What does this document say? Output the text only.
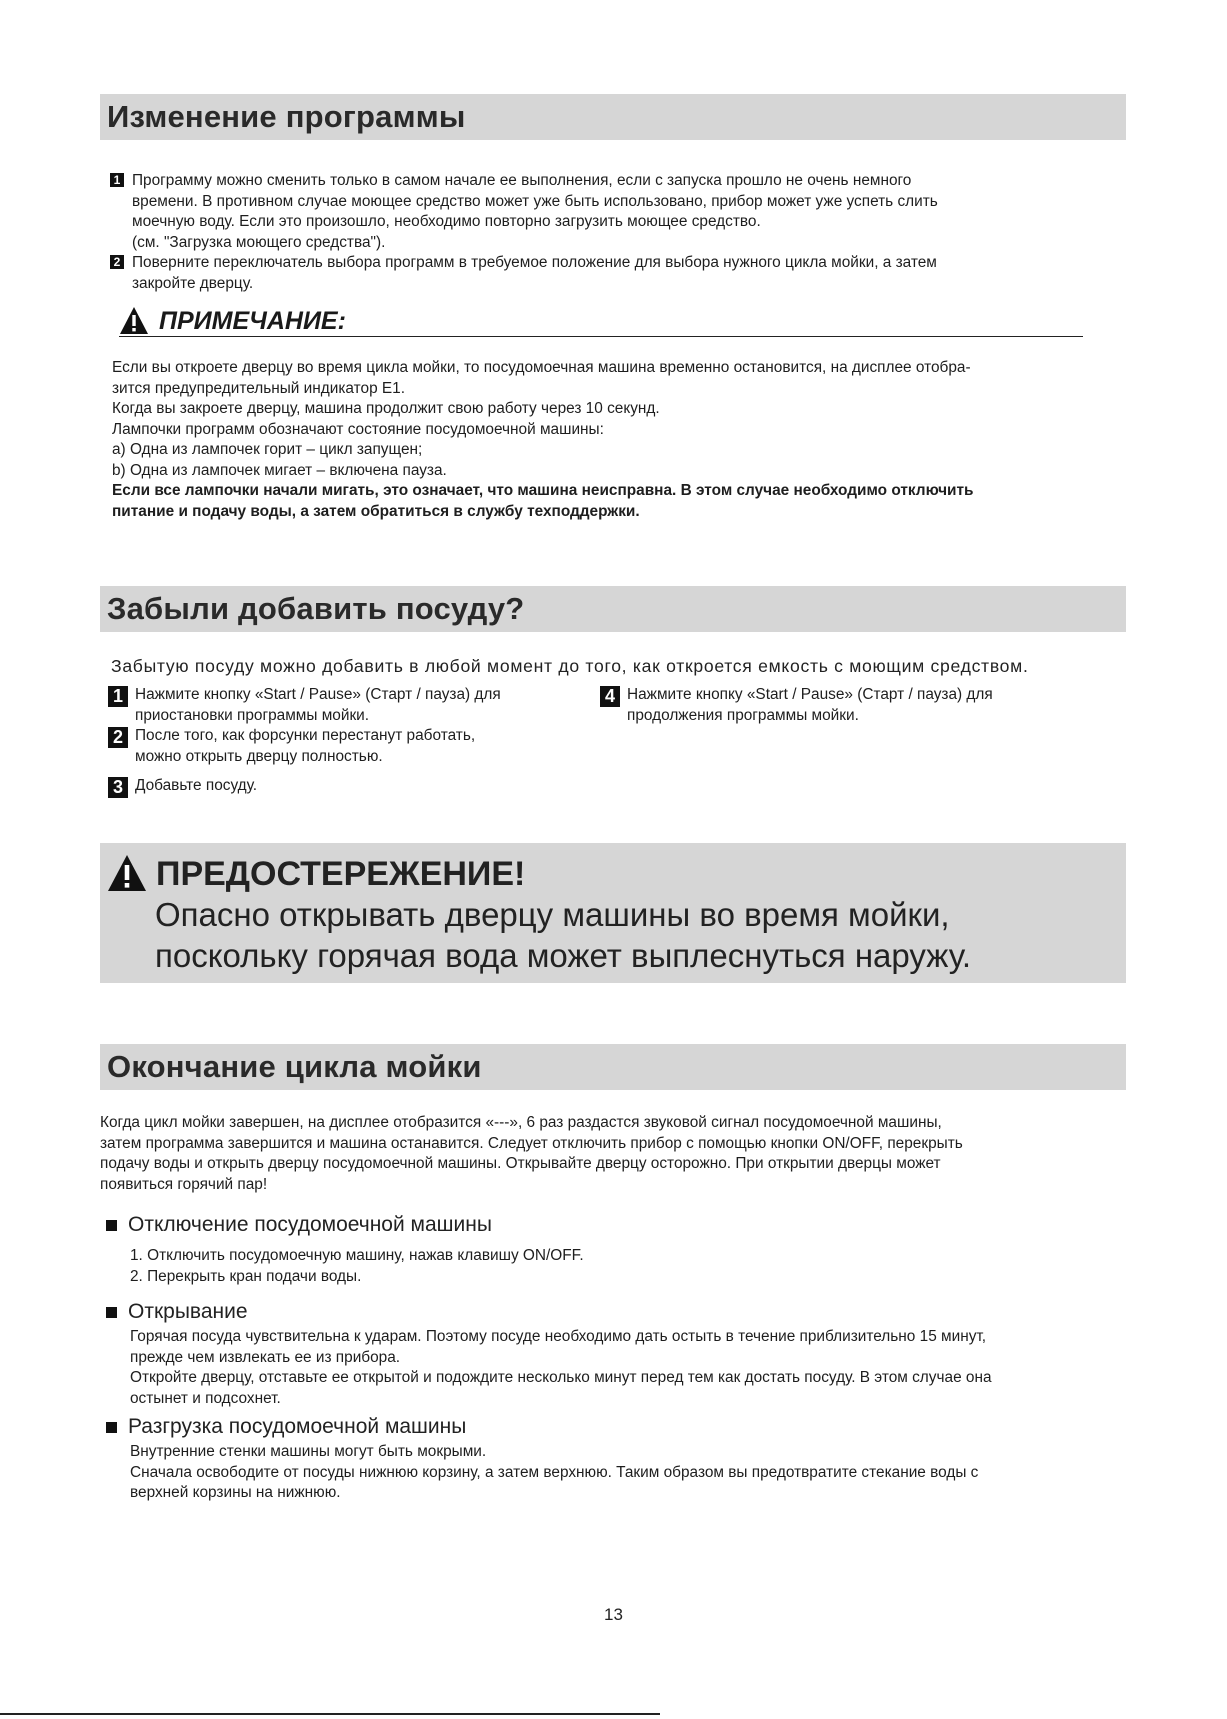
Изменение программы
1 Программу можно сменить только в самом начале ее выполнения, если с запуска прошло не очень немного
времени. В противном случае моющее средство может уже быть использовано, прибор может уже успеть слить
моечную воду. Если это произошло, необходимо повторно загрузить моющее средство.
(см. "Загрузка моющего средства").
2 Поверните переключатель выбора программ в требуемое положение для выбора нужного цикла мойки, а затем
закройте дверцу.
ПРИМЕЧАНИЕ:
Если вы откроете дверцу во время цикла мойки, то посудомоечная машина временно остановится, на дисплее отобра-
зится предупредительный индикатор Е1.
Когда вы закроете дверцу, машина продолжит свою работу через 10 секунд.
Лампочки программ обозначают состояние посудомоечной машины:
а) Одна из лампочек горит – цикл запущен;
b) Одна из лампочек мигает – включена пауза.
Если все лампочки начали мигать, это означает, что машина неисправна. В этом случае необходимо отключить
питание и подачу воды, а затем обратиться в службу техподдержки.
Забыли добавить посуду?
Забытую посуду можно добавить в любой момент до того, как откроется емкость с моющим средством.
1 Нажмите кнопку «Start / Pause» (Старт / пауза) для
приостановки программы мойки.
2 После того, как форсунки перестанут работать,
можно открыть дверцу полностью.
3 Добавьте посуду.
4 Нажмите кнопку «Start / Pause» (Старт / пауза) для
продолжения программы мойки.
ПРЕДОСТЕРЕЖЕНИЕ!
Опасно открывать дверцу машины во время мойки,
поскольку горячая вода может выплеснуться наружу.
Окончание цикла мойки
Когда цикл мойки завершен, на дисплее отобразится «---», 6 раз раздастся звуковой сигнал посудомоечной машины,
затем программа завершится и машина останавится. Следует отключить прибор с помощью кнопки ON/OFF, перекрыть
подачу воды и открыть дверцу посудомоечной машины. Открывайте дверцу осторожно. При открытии дверцы может
появиться горячий пар!
Отключение посудомоечной машины
1. Отключить посудомоечную машину, нажав клавишу ON/OFF.
2. Перекрыть кран подачи воды.
Открывание
Горячая посуда чувствительна к ударам. Поэтому посуде необходимо дать остыть в течение приблизительно 15 минут,
прежде чем извлекать ее из прибора.
Откройте дверцу, отставьте ее открытой и подождите несколько минут перед тем как достать посуду. В этом случае она
остынет и подсохнет.
Разгрузка посудомоечной машины
Внутренние стенки машины могут быть мокрыми.
Сначала освободите от посуды нижнюю корзину, а затем верхнюю. Таким образом вы предотвратите стекание воды с
верхней корзины на нижнюю.
13
